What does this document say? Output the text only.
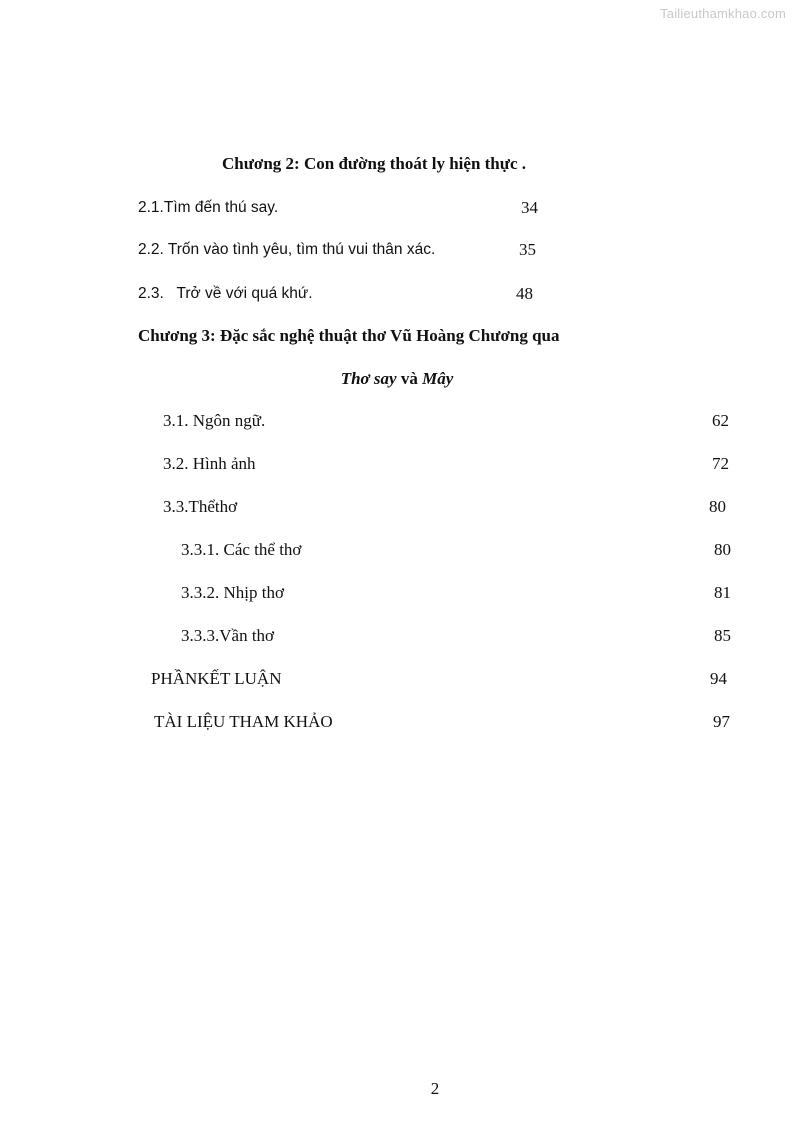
Tailieuthamkhao.com
Chương 2: Con đường thoát ly hiện thực .
2.1.Tìm đến thú say.	34
2.2. Trốn vào tình yêu, tìm thú vui thân xác.	35
2.3.   Trở về với quá khứ.	48
Chương 3: Đặc sắc nghệ thuật thơ Vũ Hoàng Chương qua
Thơ say và Mây
3.1. Ngôn ngữ.	62
3.2. Hình ảnh	72
3.3.Thểthơ	80
3.3.1. Các thể thơ	80
3.3.2. Nhịp thơ	81
3.3.3.Vần thơ	85
PHẦNKẾT LUẬN	94
TÀI LIỆU THAM KHẢO	97
2
